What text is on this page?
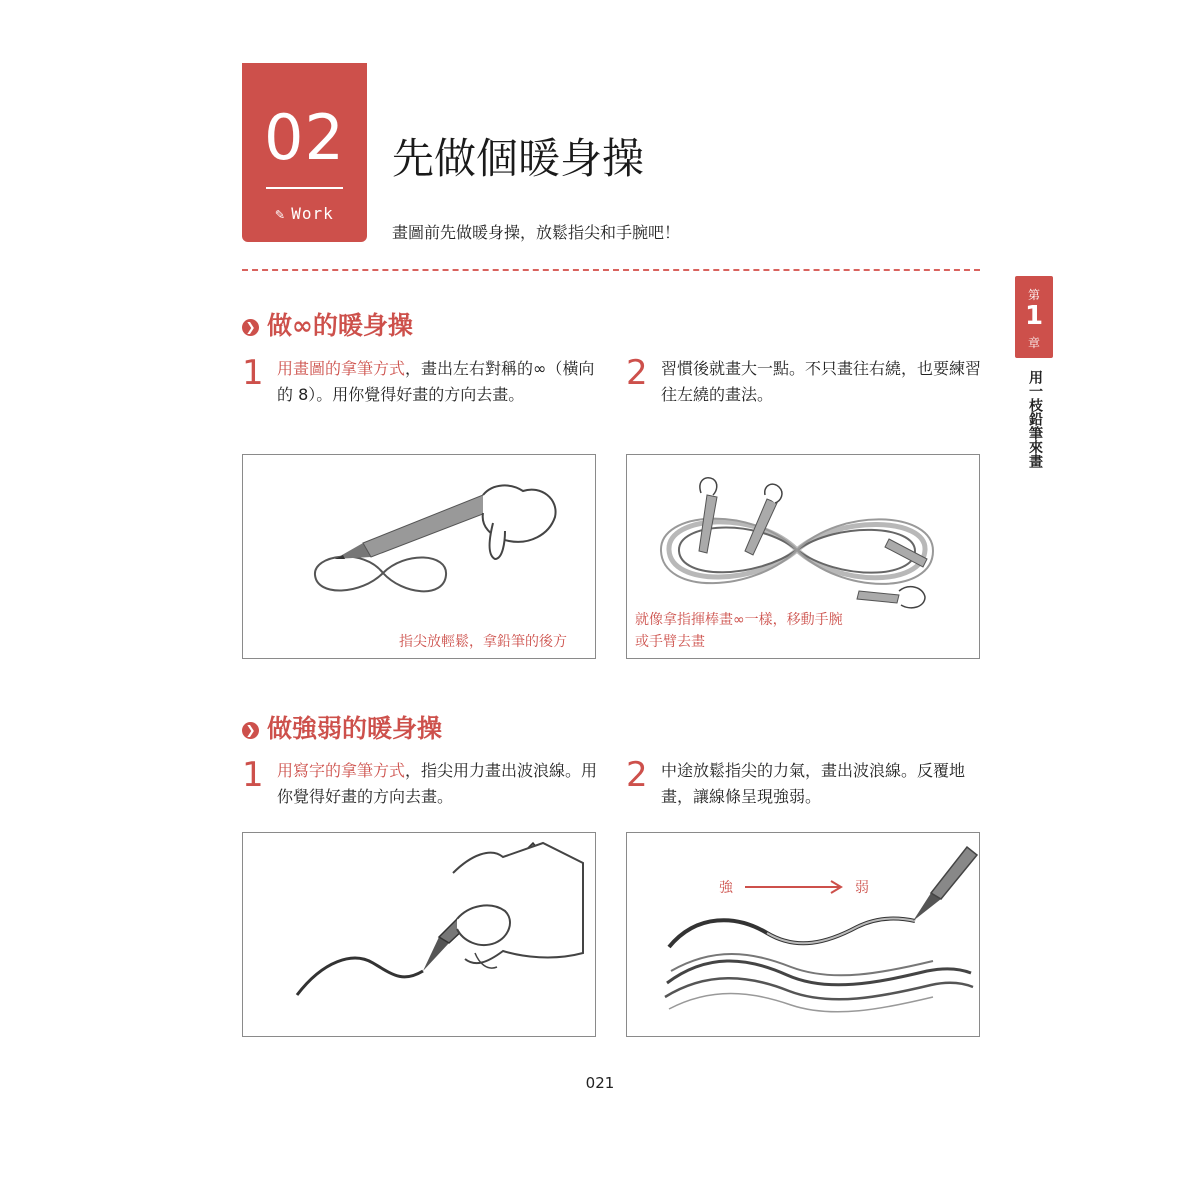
02
✎ Work
先做個暖身操
畫圖前先做暖身操，放鬆指尖和手腕吧！
第
1
章
用一枝鉛筆來畫
❯ 做∞的暖身操
1 用畫圖的拿筆方式，畫出左右對稱的∞（橫向的 8）。用你覺得好畫的方向去畫。
2 習慣後就畫大一點。不只畫往右繞，也要練習往左繞的畫法。
指尖放輕鬆，拿鉛筆的後方
就像拿指揮棒畫∞一樣，移動手腕
或手臂去畫
❯ 做強弱的暖身操
1 用寫字的拿筆方式，指尖用力畫出波浪線。用你覺得好畫的方向去畫。
2 中途放鬆指尖的力氣，畫出波浪線。反覆地畫，讓線條呈現強弱。
強	弱
021
